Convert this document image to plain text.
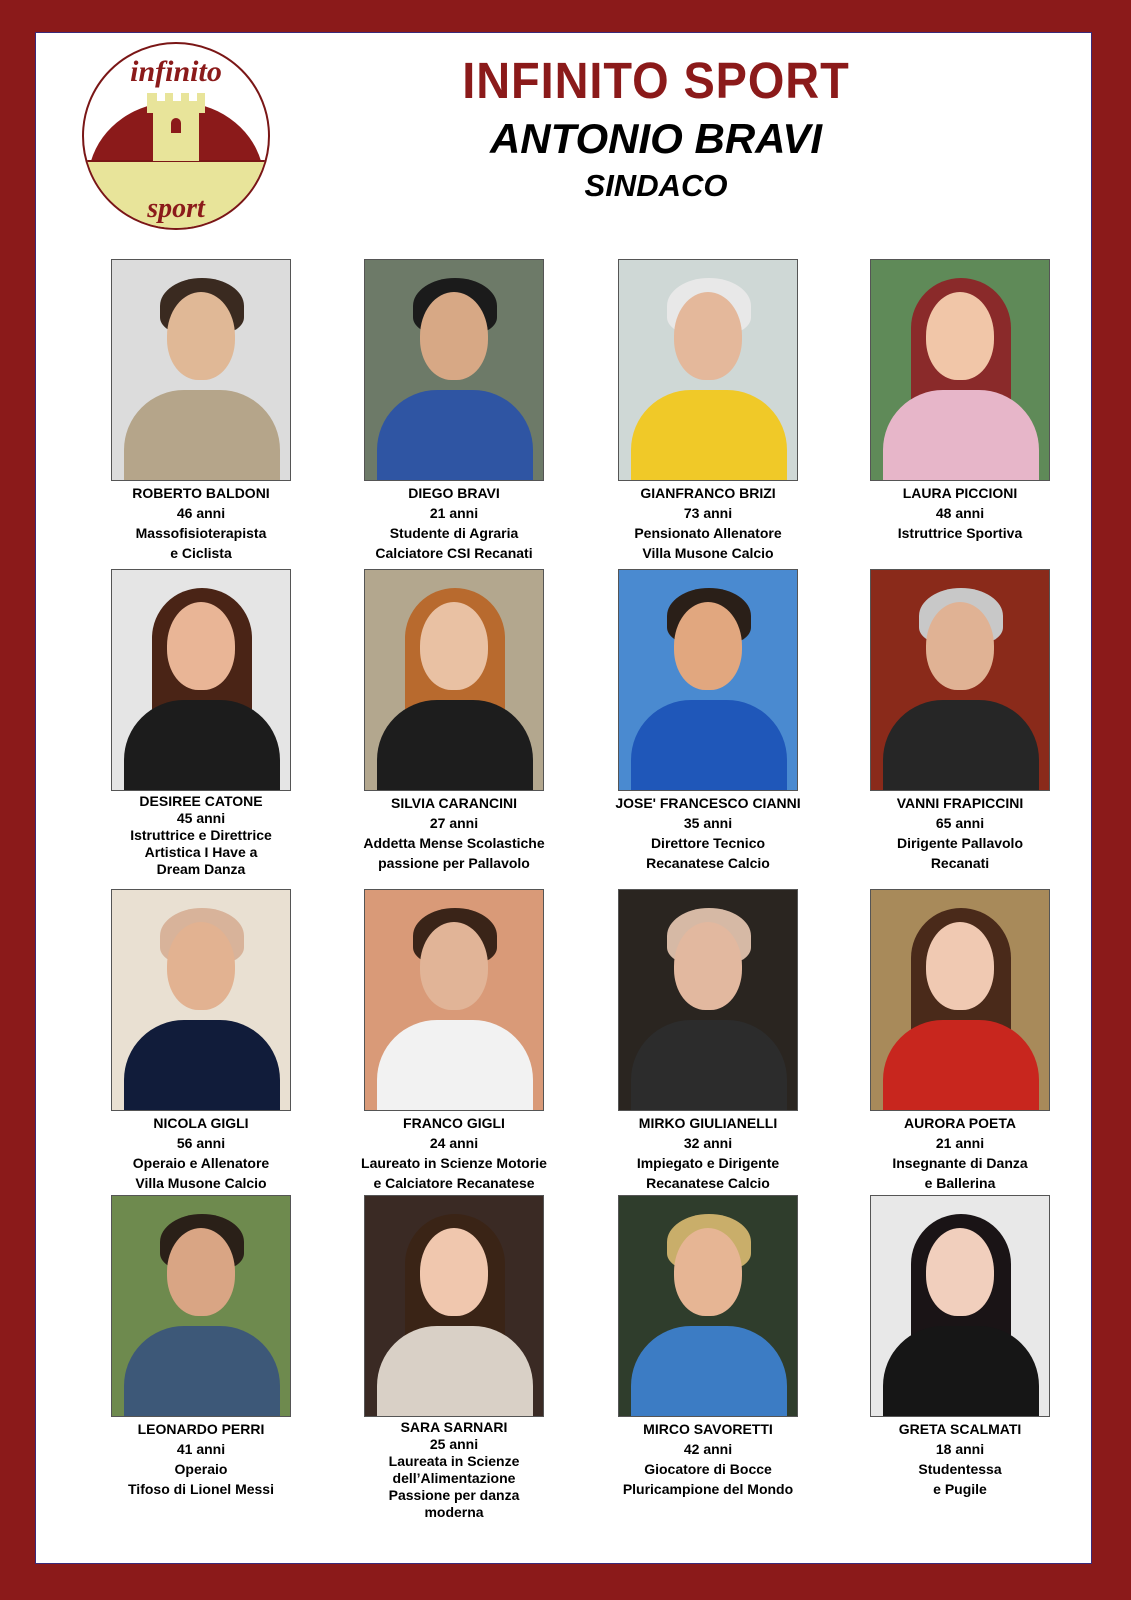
infinito
sport
INFINITO SPORT
ANTONIO BRAVI
SINDACO
ROBERTO BALDONI
46 anni
Massofisioterapista
e Ciclista
DIEGO BRAVI
21 anni
Studente di Agraria
Calciatore CSI Recanati
GIANFRANCO BRIZI
73 anni
Pensionato Allenatore
Villa Musone Calcio
LAURA PICCIONI
48 anni
Istruttrice Sportiva
DESIREE CATONE
45 anni
Istruttrice e Direttrice
Artistica I Have a
Dream Danza
SILVIA CARANCINI
27 anni
Addetta Mense Scolastiche
passione per Pallavolo
JOSE' FRANCESCO CIANNI
35 anni
Direttore Tecnico
Recanatese Calcio
VANNI FRAPICCINI
65 anni
Dirigente Pallavolo
Recanati
NICOLA GIGLI
56 anni
Operaio e Allenatore
Villa Musone Calcio
FRANCO GIGLI
24 anni
Laureato in Scienze Motorie
e Calciatore Recanatese
MIRKO GIULIANELLI
32 anni
Impiegato e Dirigente
Recanatese Calcio
AURORA POETA
21 anni
Insegnante di Danza
e Ballerina
LEONARDO PERRI
41 anni
Operaio
Tifoso di Lionel Messi
SARA SARNARI
25 anni
Laureata in Scienze
dell’Alimentazione
Passione per danza
moderna
MIRCO SAVORETTI
42 anni
Giocatore di Bocce
Pluricampione del Mondo
GRETA SCALMATI
18 anni
Studentessa
e Pugile
